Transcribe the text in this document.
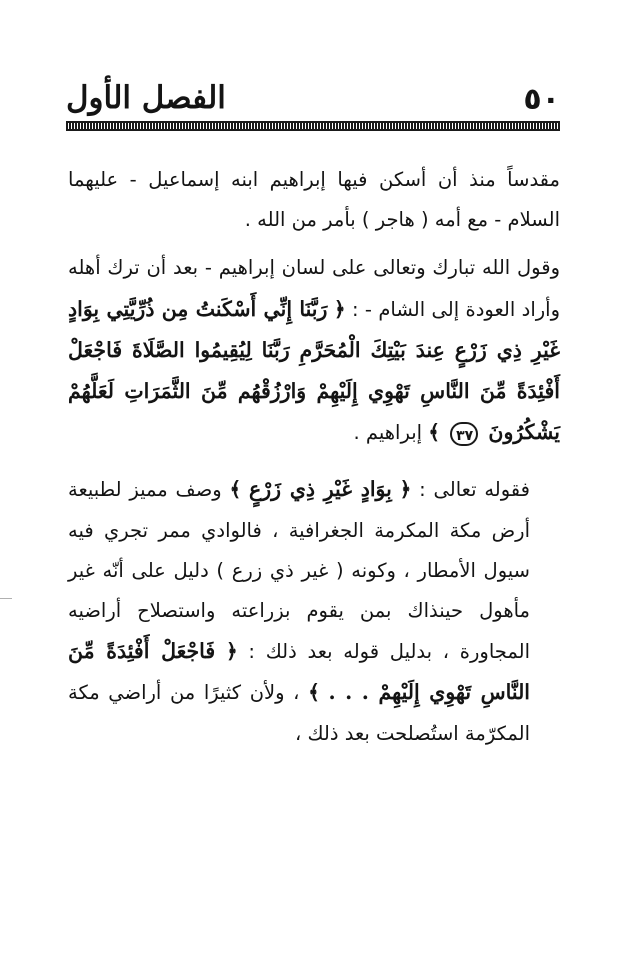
٥٠
الفصل الأول

مقدساً منذ أن أسكن فيها إبراهيم ابنه إسماعيل - عليهما السلام - مع أمه ( هاجر ) بأمر من الله .

وقول الله تبارك وتعالى على لسان إبراهيم - بعد أن ترك أهله وأراد العودة إلى الشام - : ﴿ رَبَّنَا إِنِّي أَسْكَنتُ مِن ذُرِّيَّتِي بِوَادٍ غَيْرِ ذِي زَرْعٍ عِندَ بَيْتِكَ الْمُحَرَّمِ رَبَّنَا لِيُقِيمُوا الصَّلَاةَ فَاجْعَلْ أَفْئِدَةً مِّنَ النَّاسِ تَهْوِي إِلَيْهِمْ وَارْزُقْهُم مِّنَ الثَّمَرَاتِ لَعَلَّهُمْ يَشْكُرُونَ ٣٧ ﴾ إبراهيم .

فقوله تعالى : ﴿ بِوَادٍ غَيْرِ ذِي زَرْعٍ ﴾ وصف مميز لطبيعة أرض مكة المكرمة الجغرافية ، فالوادي ممر تجري فيه سيول الأمطار ، وكونه ( غير ذي زرع ) دليل على أنّه غير مأهول حينذاك بمن يقوم بزراعته واستصلاح أراضيه المجاورة ، بدليل قوله بعد ذلك : ﴿ فَاجْعَلْ أَفْئِدَةً مِّنَ النَّاسِ تَهْوِي إِلَيْهِمْ . . . ﴾ ، ولأن كثيرًا من أراضي مكة المكرّمة استُصلحت بعد ذلك ،
